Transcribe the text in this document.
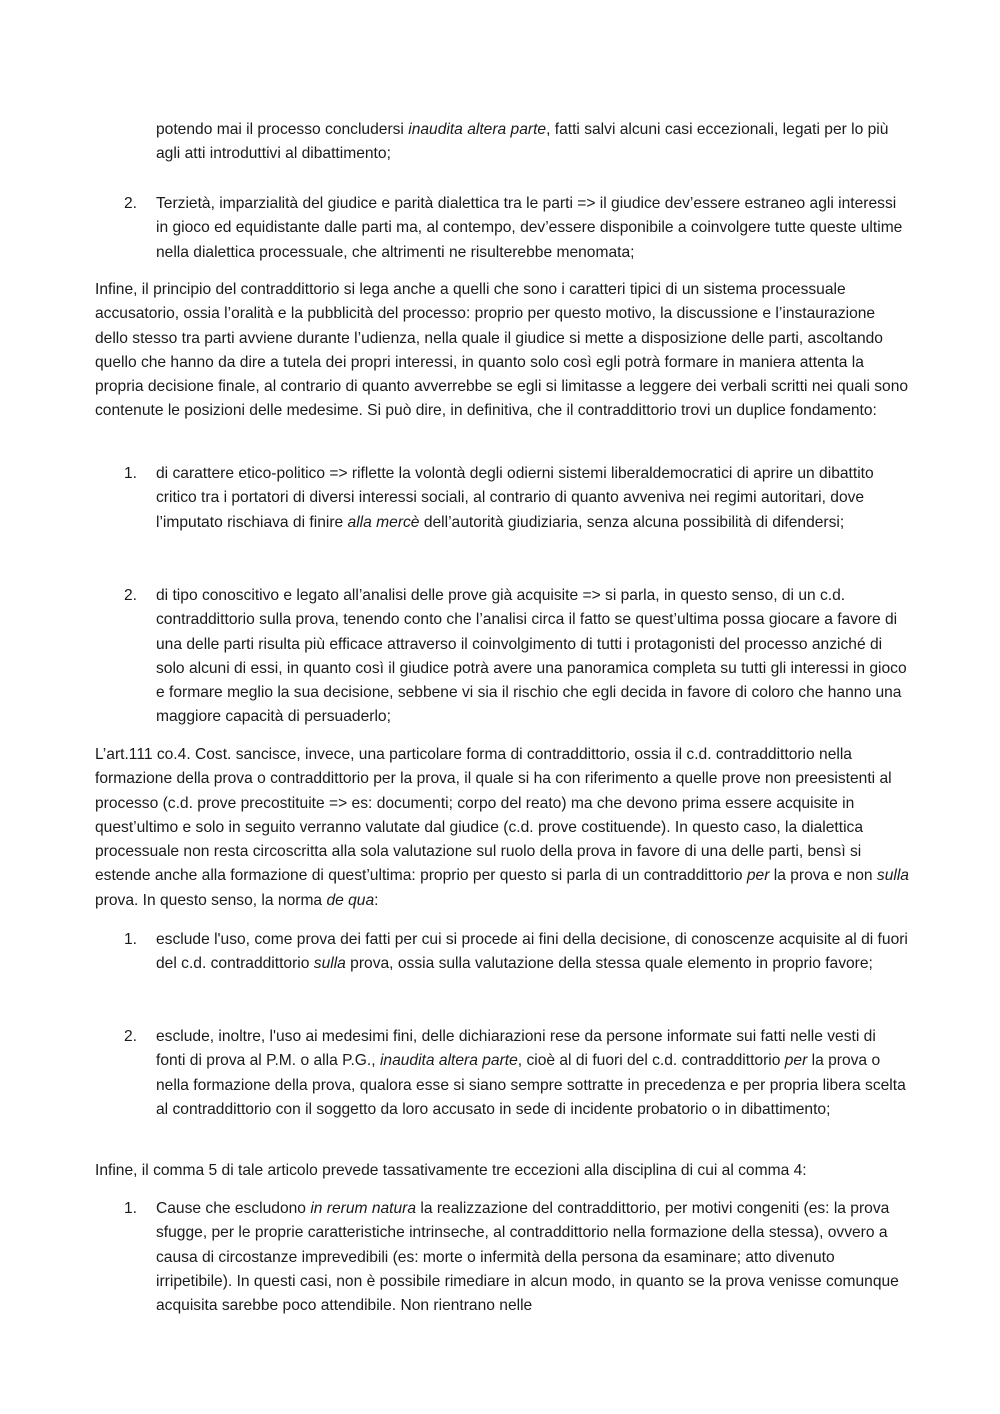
potendo mai il processo concludersi inaudita altera parte, fatti salvi alcuni casi eccezionali, legati per lo più agli atti introduttivi al dibattimento;

2. Terzietà, imparzialità del giudice e parità dialettica tra le parti => il giudice dev’essere estraneo agli interessi in gioco ed equidistante dalle parti ma, al contempo, dev’essere disponibile a coinvolgere tutte queste ultime nella dialettica processuale, che altrimenti ne risulterebbe menomata;

Infine, il principio del contraddittorio si lega anche a quelli che sono i caratteri tipici di un sistema processuale accusatorio, ossia l’oralità e la pubblicità del processo: proprio per questo motivo, la discussione e l’instaurazione dello stesso tra parti avviene durante l’udienza, nella quale il giudice si mette a disposizione delle parti, ascoltando quello che hanno da dire a tutela dei propri interessi, in quanto solo così egli potrà formare in maniera attenta la propria decisione finale, al contrario di quanto avverrebbe se egli si limitasse a leggere dei verbali scritti nei quali sono contenute le posizioni delle medesime. Si può dire, in definitiva, che il contraddittorio trovi un duplice fondamento:

1. di carattere etico-politico => riflette la volontà degli odierni sistemi liberaldemocratici di aprire un dibattito critico tra i portatori di diversi interessi sociali, al contrario di quanto avveniva nei regimi autoritari, dove l’imputato rischiava di finire alla mercè dell’autorità giudiziaria, senza alcuna possibilità di difendersi;

2. di tipo conoscitivo e legato all’analisi delle prove già acquisite => si parla, in questo senso, di un c.d. contraddittorio sulla prova, tenendo conto che l’analisi circa il fatto se quest’ultima possa giocare a favore di una delle parti risulta più efficace attraverso il coinvolgimento di tutti i protagonisti del processo anziché di solo alcuni di essi, in quanto così il giudice potrà avere una panoramica completa su tutti gli interessi in gioco e formare meglio la sua decisione, sebbene vi sia il rischio che egli decida in favore di coloro che hanno una maggiore capacità di persuaderlo;

L’art.111 co.4. Cost. sancisce, invece, una particolare forma di contraddittorio, ossia il c.d. contraddittorio nella formazione della prova o contraddittorio per la prova, il quale si ha con riferimento a quelle prove non preesistenti al processo (c.d. prove precostituite => es: documenti; corpo del reato) ma che devono prima essere acquisite in quest’ultimo e solo in seguito verranno valutate dal giudice (c.d. prove costituende). In questo caso, la dialettica processuale non resta circoscritta alla sola valutazione sul ruolo della prova in favore di una delle parti, bensì si estende anche alla formazione di quest’ultima: proprio per questo si parla di un contraddittorio per la prova e non sulla prova. In questo senso, la norma de qua:

1. esclude l'uso, come prova dei fatti per cui si procede ai fini della decisione, di conoscenze acquisite al di fuori del c.d. contraddittorio sulla prova, ossia sulla valutazione della stessa quale elemento in proprio favore;

2. esclude, inoltre, l'uso ai medesimi fini, delle dichiarazioni rese da persone informate sui fatti nelle vesti di fonti di prova al P.M. o alla P.G., inaudita altera parte, cioè al di fuori del c.d. contraddittorio per la prova o nella formazione della prova, qualora esse si siano sempre sottratte in precedenza e per propria libera scelta al contraddittorio con il soggetto da loro accusato in sede di incidente probatorio o in dibattimento;

Infine, il comma 5 di tale articolo prevede tassativamente tre eccezioni alla disciplina di cui al comma 4:

1. Cause che escludono in rerum natura la realizzazione del contraddittorio, per motivi congeniti (es: la prova sfugge, per le proprie caratteristiche intrinseche, al contraddittorio nella formazione della stessa), ovvero a causa di circostanze imprevedibili (es: morte o infermità della persona da esaminare; atto divenuto irripetibile). In questi casi, non è possibile rimediare in alcun modo, in quanto se la prova venisse comunque acquisita sarebbe poco attendibile. Non rientrano nelle
